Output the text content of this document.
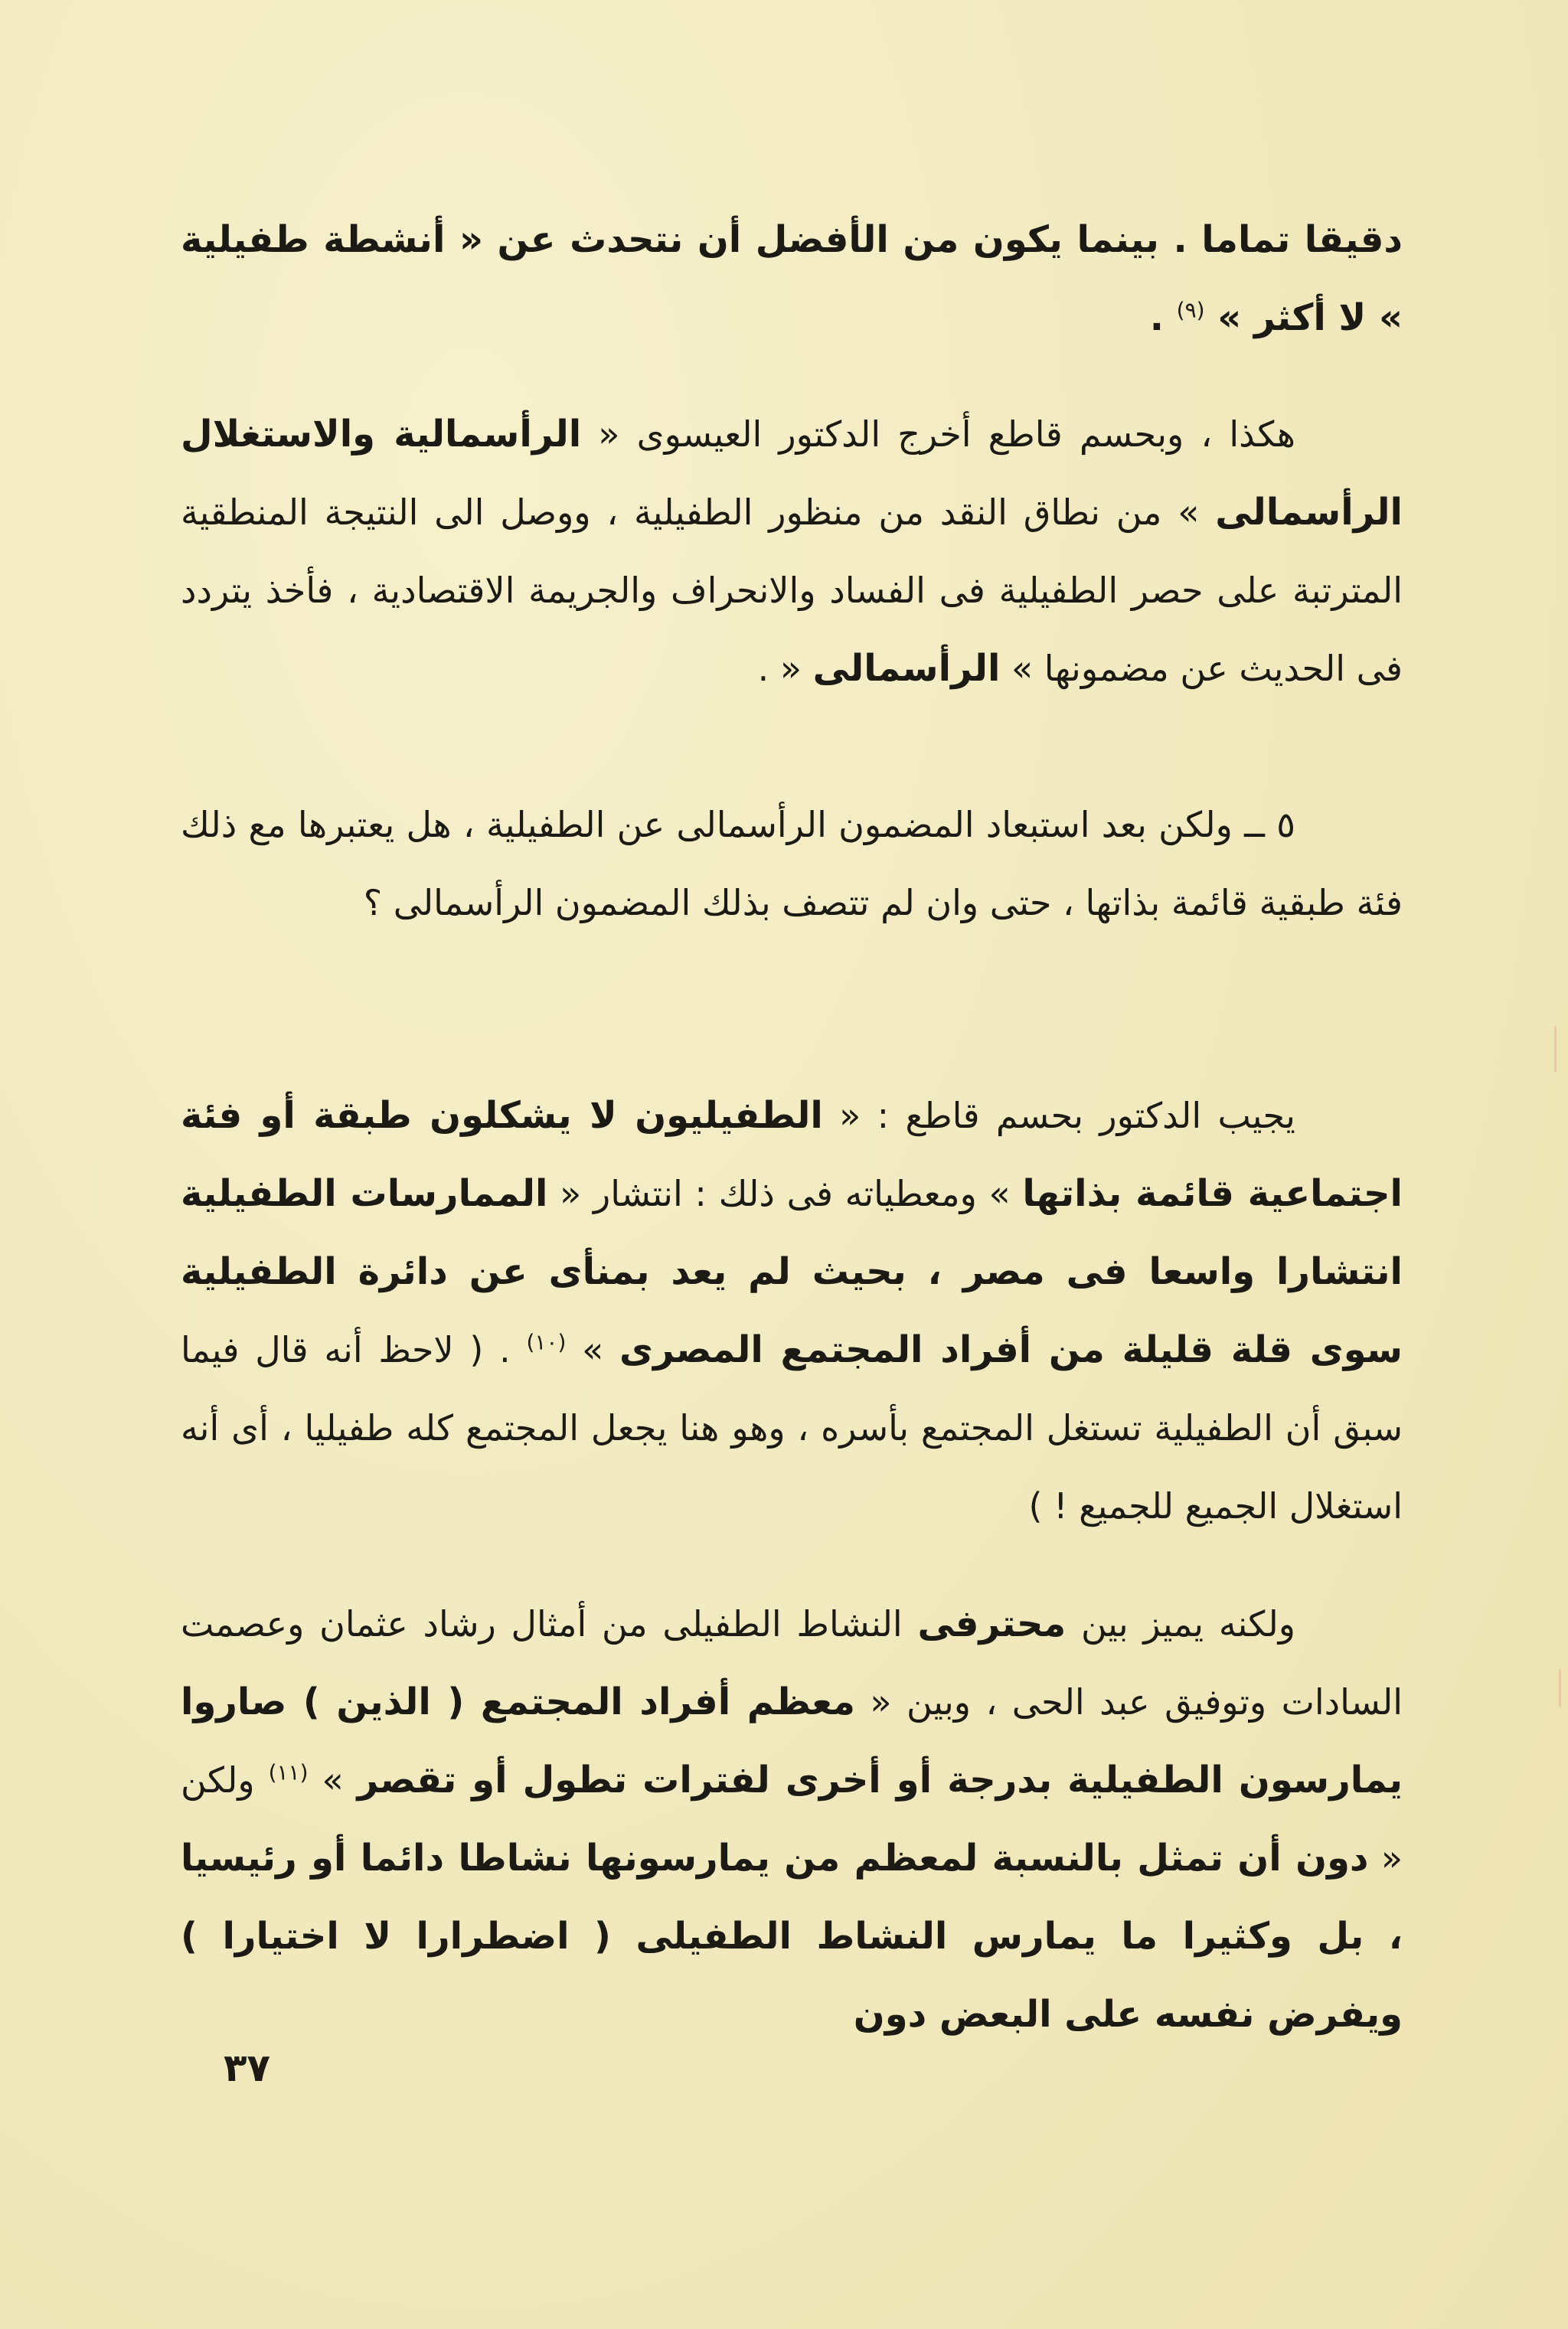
دقيقا تماما . بينما يكون من الأفضل أن نتحدث عن « أنشطة طفيلية » لا أكثر » $^{(٩)}$ .

هكذا ، وبحسم قاطع أخرج الدكتور العيسوى « الرأسمالية والاستغلال الرأسمالى » من نطاق النقد من منظور الطفيلية ، ووصل الى النتيجة المنطقية المترتبة على حصر الطفيلية فى الفساد والانحراف والجريمة الاقتصادية ، فأخذ يتردد فى الحديث عن مضمونها » الرأسمالى « .

٥ ــ ولكن بعد استبعاد المضمون الرأسمالى عن الطفيلية ، هل يعتبرها مع ذلك فئة طبقية قائمة بذاتها ، حتى وان لم تتصف بذلك المضمون الرأسمالى ؟

يجيب الدكتور بحسم قاطع : « الطفيليون لا يشكلون طبقة أو فئة اجتماعية قائمة بذاتها » ومعطياته فى ذلك : انتشار « الممارسات الطفيلية انتشارا واسعا فى مصر ، بحيث لم يعد بمنأى عن دائرة الطفيلية سوى قلة قليلة من أفراد المجتمع المصرى » $^{(١٠)}$ . ( لاحظ أنه قال فيما سبق أن الطفيلية تستغل المجتمع بأسره ، وهو هنا يجعل المجتمع كله طفيليا ، أى أنه استغلال الجميع للجميع ! )

ولكنه يميز بين محترفى النشاط الطفيلى من أمثال رشاد عثمان وعصمت السادات وتوفيق عبد الحى ، وبين « معظم أفراد المجتمع ( الذين ) صاروا يمارسون الطفيلية بدرجة أو أخرى لفترات تطول أو تقصر » $^{(١١)}$ ولكن « دون أن تمثل بالنسبة لمعظم من يمارسونها نشاطا دائما أو رئيسيا ، بل وكثيرا ما يمارس النشاط الطفيلى ( اضطرارا لا اختيارا ) ويفرض نفسه على البعض دون

٣٧
